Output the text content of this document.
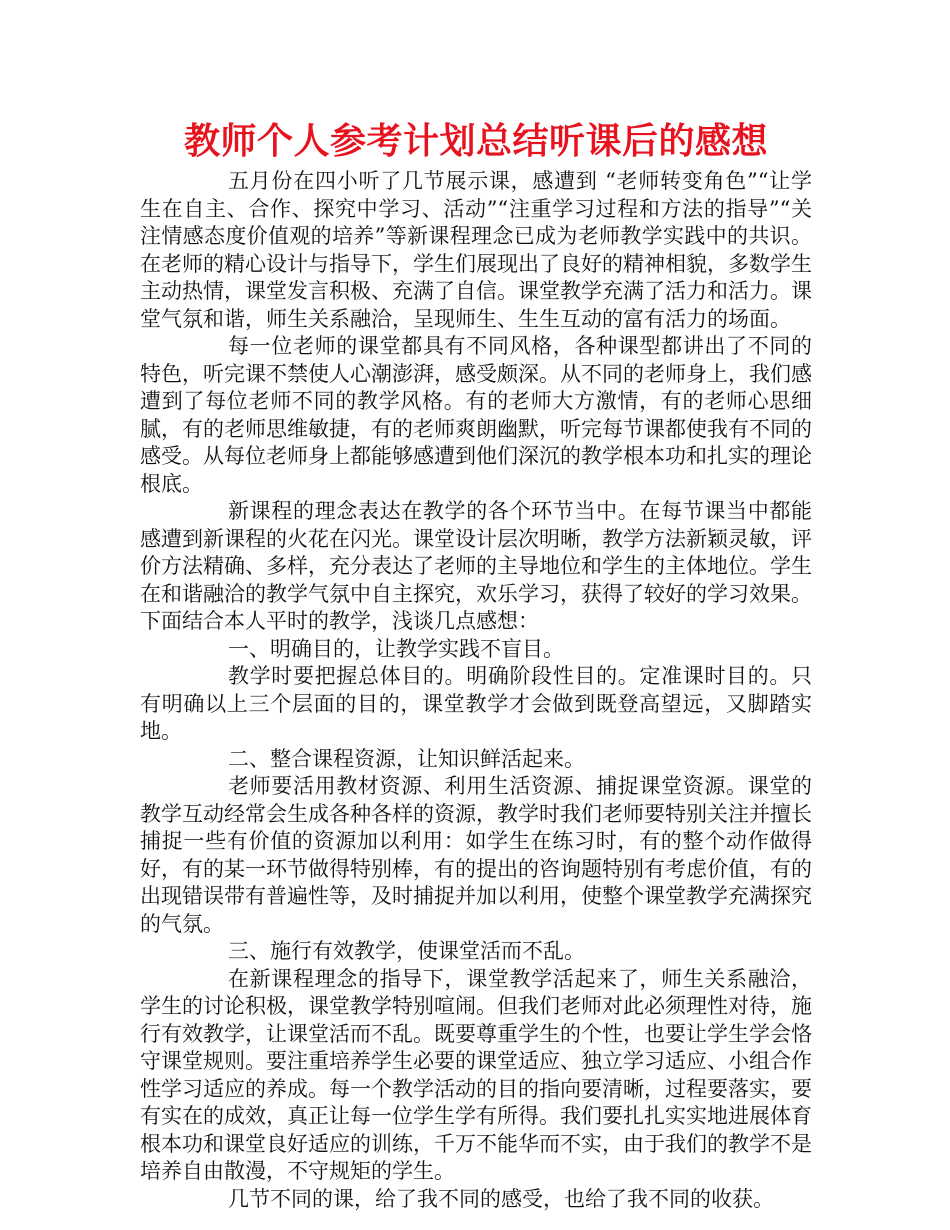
教师个人参考计划总结听课后的感想

五月份在四小听了几节展示课，感遭到 “老师转变角色”“让学生在自主、合作、探究中学习、活动”“注重学习过程和方法的指导”“关注情感态度价值观的培养”等新课程理念已成为老师教学实践中的共识。在老师的精心设计与指导下，学生们展现出了良好的精神相貌，多数学生主动热情，课堂发言积极、充满了自信。课堂教学充满了活力和活力。课堂气氛和谐，师生关系融洽，呈现师生、生生互动的富有活力的场面。

每一位老师的课堂都具有不同风格，各种课型都讲出了不同的特色，听完课不禁使人心潮澎湃，感受颇深。从不同的老师身上，我们感遭到了每位老师不同的教学风格。有的老师大方激情，有的老师心思细腻，有的老师思维敏捷，有的老师爽朗幽默，听完每节课都使我有不同的感受。从每位老师身上都能够感遭到他们深沉的教学根本功和扎实的理论根底。

新课程的理念表达在教学的各个环节当中。在每节课当中都能感遭到新课程的火花在闪光。课堂设计层次明晰，教学方法新颖灵敏，评价方法精确、多样，充分表达了老师的主导地位和学生的主体地位。学生在和谐融洽的教学气氛中自主探究，欢乐学习，获得了较好的学习效果。下面结合本人平时的教学，浅谈几点感想：

一、明确目的，让教学实践不盲目。

教学时要把握总体目的。明确阶段性目的。定准课时目的。只有明确以上三个层面的目的，课堂教学才会做到既登高望远，又脚踏实地。

二、整合课程资源，让知识鲜活起来。

老师要活用教材资源、利用生活资源、捕捉课堂资源。课堂的教学互动经常会生成各种各样的资源，教学时我们老师要特别关注并擅长捕捉一些有价值的资源加以利用：如学生在练习时，有的整个动作做得好，有的某一环节做得特别棒，有的提出的咨询题特别有考虑价值，有的出现错误带有普遍性等，及时捕捉并加以利用，使整个课堂教学充满探究的气氛。

三、施行有效教学，使课堂活而不乱。

在新课程理念的指导下，课堂教学活起来了，师生关系融洽，学生的讨论积极，课堂教学特别喧闹。但我们老师对此必须理性对待，施行有效教学，让课堂活而不乱。既要尊重学生的个性，也要让学生学会恪守课堂规则。要注重培养学生必要的课堂适应、独立学习适应、小组合作性学习适应的养成。每一个教学活动的目的指向要清晰，过程要落实，要有实在的成效，真正让每一位学生学有所得。我们要扎扎实实地进展体育根本功和课堂良好适应的训练，千万不能华而不实，由于我们的教学不是培养自由散漫，不守规矩的学生。

几节不同的课，给了我不同的感受，也给了我不同的收获。
